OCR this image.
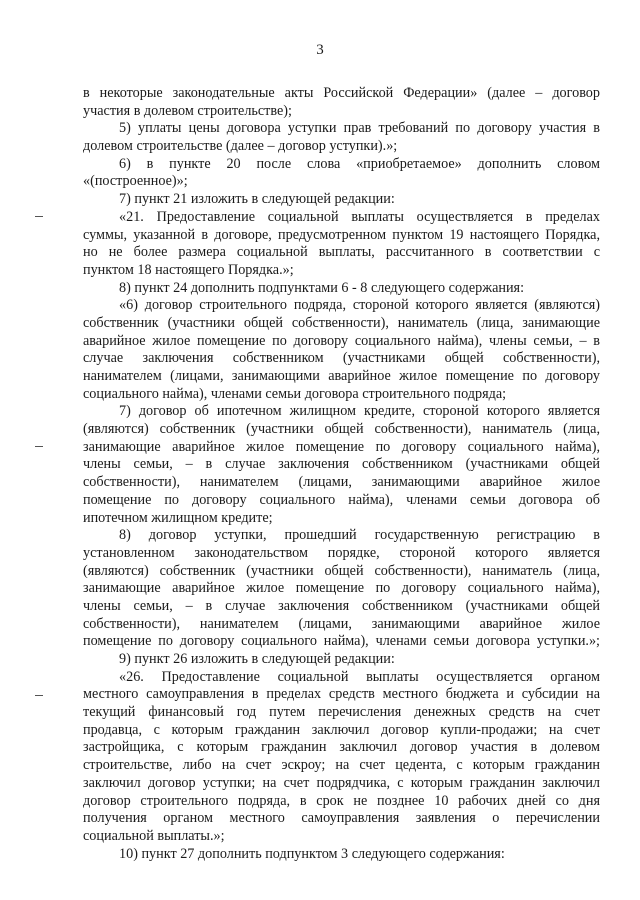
3
в некоторые законодательные акты Российской Федерации» (далее – договор
участия в долевом строительстве);
5) уплаты цены договора уступки прав требований по договору участия в
долевом строительстве (далее – договор уступки).»;
6) в пункте 20 после слова «приобретаемое» дополнить словом
«(построенное)»;
7) пункт 21 изложить в следующей редакции:
«21. Предоставление социальной выплаты осуществляется в пределах
суммы, указанной в договоре, предусмотренном пунктом 19 настоящего Порядка,
но не более размера социальной выплаты, рассчитанного в соответствии с
пунктом 18 настоящего Порядка.»;
8) пункт 24 дополнить подпунктами 6 - 8 следующего содержания:
«6) договор строительного подряда, стороной которого является (являются)
собственник (участники общей собственности), наниматель (лица, занимающие
аварийное жилое помещение по договору социального найма), члены семьи, – в
случае заключения собственником (участниками общей собственности),
нанимателем (лицами, занимающими аварийное жилое помещение по договору
социального найма), членами семьи договора строительного подряда;
7) договор об ипотечном жилищном кредите, стороной которого является
(являются) собственник (участники общей собственности), наниматель (лица,
занимающие аварийное жилое помещение по договору социального найма),
члены семьи, – в случае заключения собственником (участниками общей
собственности), нанимателем (лицами, занимающими аварийное жилое
помещение по договору социального найма), членами семьи договора об
ипотечном жилищном кредите;
8) договор уступки, прошедший государственную регистрацию в
установленном законодательством порядке, стороной которого является
(являются) собственник (участники общей собственности), наниматель (лица,
занимающие аварийное жилое помещение по договору социального найма),
члены семьи, – в случае заключения собственником (участниками общей
собственности), нанимателем (лицами, занимающими аварийное жилое
помещение по договору социального найма), членами семьи договора уступки.»;
9) пункт 26 изложить в следующей редакции:
«26. Предоставление социальной выплаты осуществляется органом
местного самоуправления в пределах средств местного бюджета и субсидии на
текущий финансовый год путем перечисления денежных средств на счет
продавца, с которым гражданин заключил договор купли-продажи; на счет
застройщика, с которым гражданин заключил договор участия в долевом
строительстве, либо на счет эскроу; на счет цедента, с которым гражданин
заключил договор уступки; на счет подрядчика, с которым гражданин заключил
договор строительного подряда, в срок не позднее 10 рабочих дней со дня
получения органом местного самоуправления заявления о перечислении
социальной выплаты.»;
10) пункт 27 дополнить подпунктом 3 следующего содержания:
